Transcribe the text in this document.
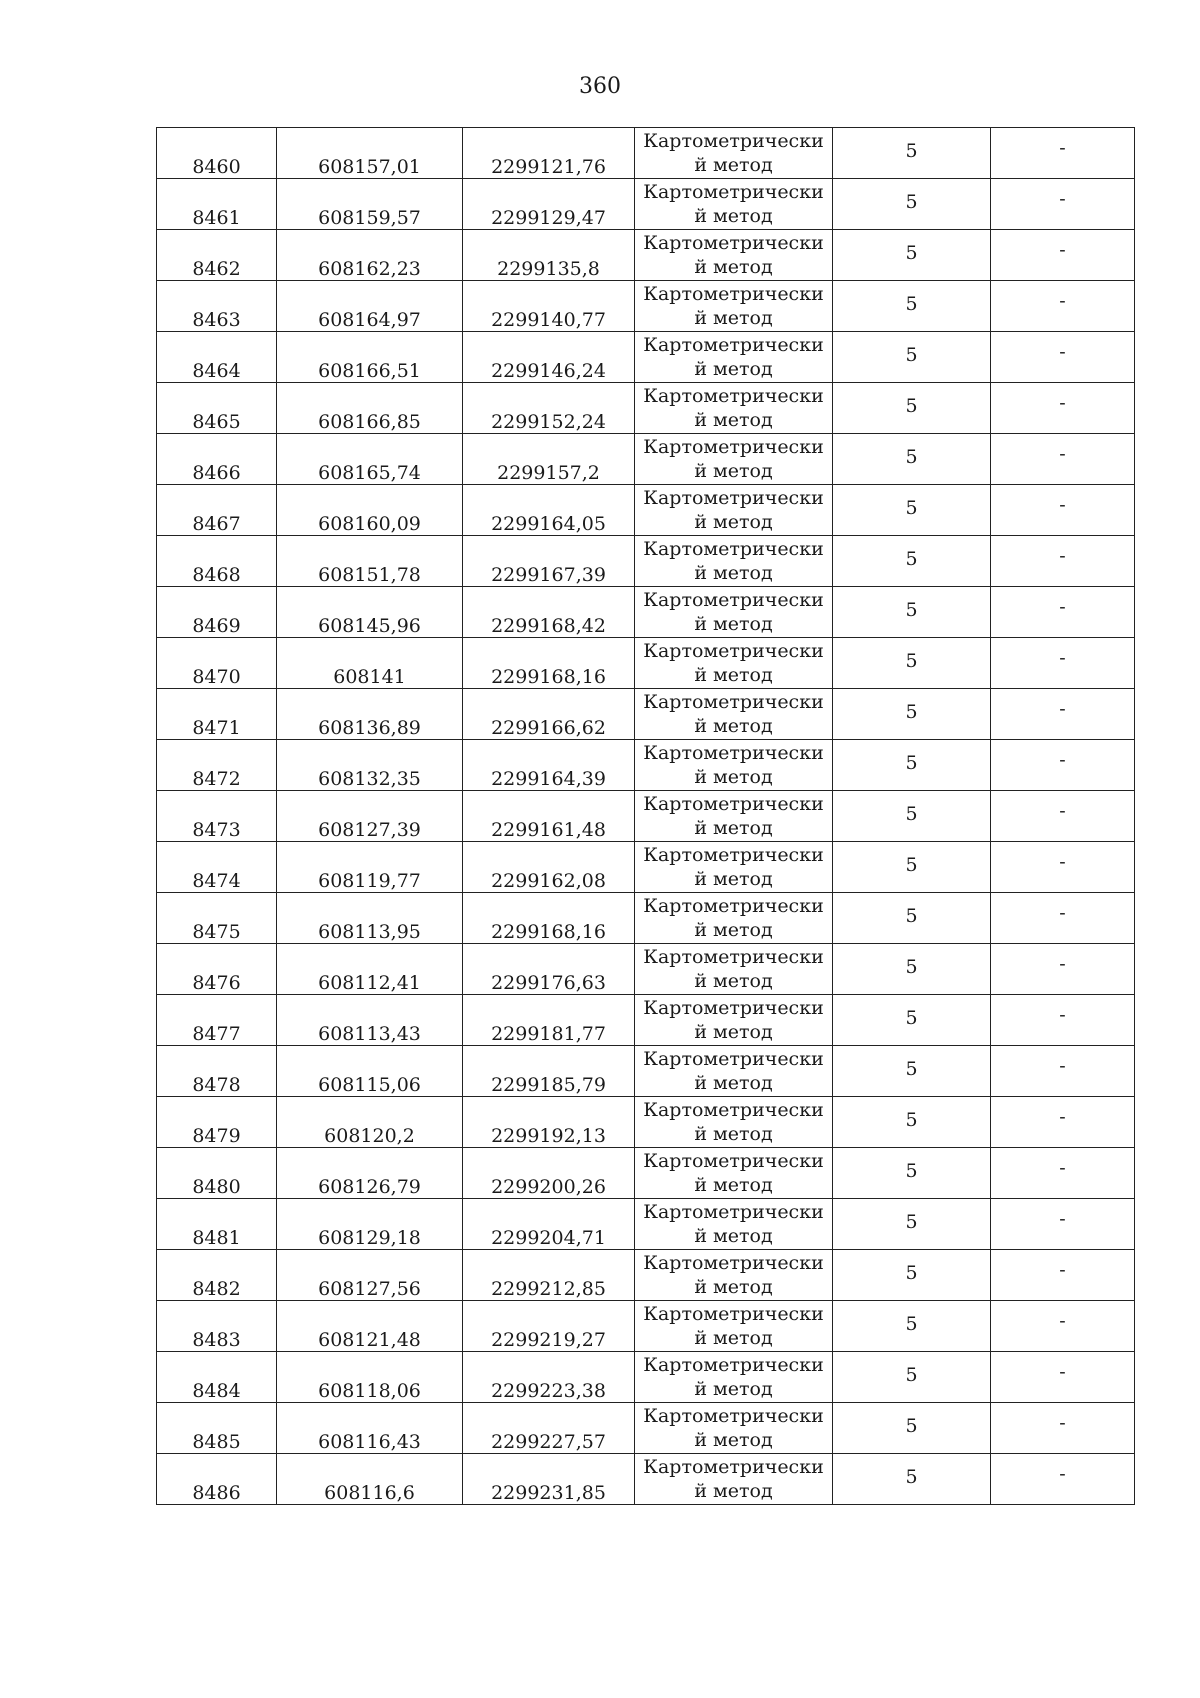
360
8460	608157,01	2299121,76	Картометрически
й метод	5	-

8461	608159,57	2299129,47	Картометрически
й метод	5	-

8462	608162,23	2299135,8	Картометрически
й метод	5	-

8463	608164,97	2299140,77	Картометрически
й метод	5	-

8464	608166,51	2299146,24	Картометрически
й метод	5	-

8465	608166,85	2299152,24	Картометрически
й метод	5	-

8466	608165,74	2299157,2	Картометрически
й метод	5	-

8467	608160,09	2299164,05	Картометрически
й метод	5	-

8468	608151,78	2299167,39	Картометрически
й метод	5	-

8469	608145,96	2299168,42	Картометрически
й метод	5	-

8470	608141	2299168,16	Картометрически
й метод	5	-

8471	608136,89	2299166,62	Картометрически
й метод	5	-

8472	608132,35	2299164,39	Картометрически
й метод	5	-

8473	608127,39	2299161,48	Картометрически
й метод	5	-

8474	608119,77	2299162,08	Картометрически
й метод	5	-

8475	608113,95	2299168,16	Картометрически
й метод	5	-

8476	608112,41	2299176,63	Картометрически
й метод	5	-

8477	608113,43	2299181,77	Картометрически
й метод	5	-

8478	608115,06	2299185,79	Картометрически
й метод	5	-

8479	608120,2	2299192,13	Картометрически
й метод	5	-

8480	608126,79	2299200,26	Картометрически
й метод	5	-

8481	608129,18	2299204,71	Картометрически
й метод	5	-

8482	608127,56	2299212,85	Картометрически
й метод	5	-

8483	608121,48	2299219,27	Картометрически
й метод	5	-

8484	608118,06	2299223,38	Картометрически
й метод	5	-

8485	608116,43	2299227,57	Картометрически
й метод	5	-

8486	608116,6	2299231,85	Картометрически
й метод	5	-
